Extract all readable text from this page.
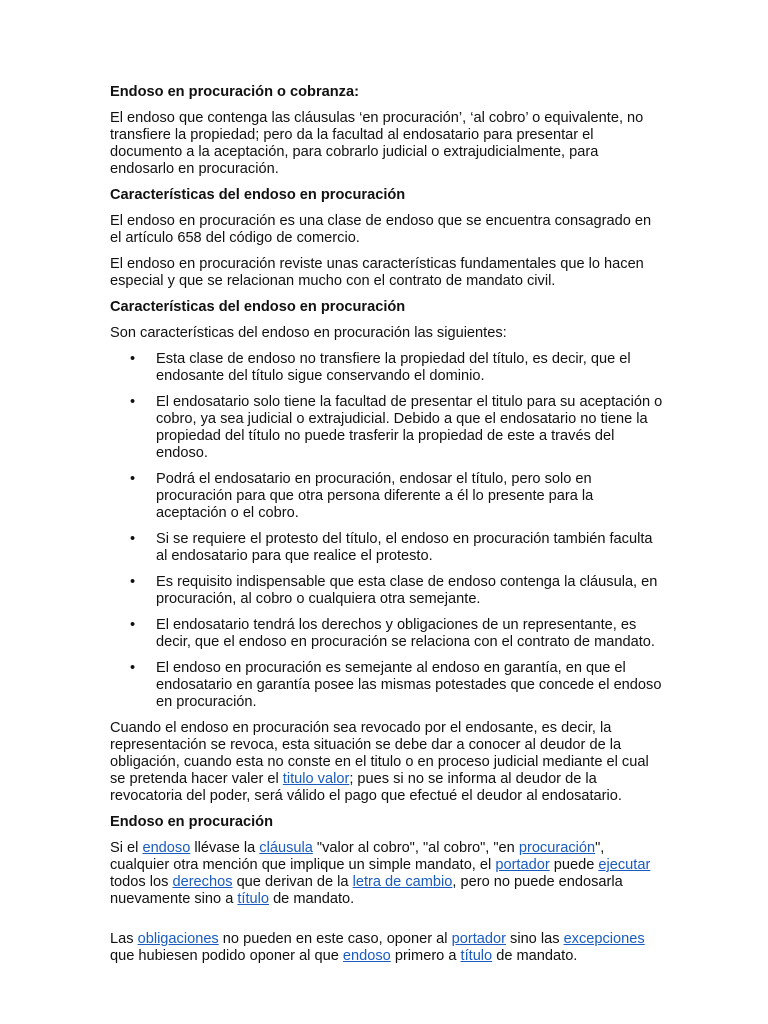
Endoso en procuración o cobranza:

El endoso que contenga las cláusulas ‘en procuración’, ‘al cobro’ o equivalente, no transfiere la propiedad; pero da la facultad al endosatario para presentar el documento a la aceptación, para cobrarlo judicial o extrajudicialmente, para endosarlo en procuración.

Características del endoso en procuración

El endoso en procuración es una clase de endoso que se encuentra consagrado en el artículo 658 del código de comercio.

El endoso en procuración reviste unas características fundamentales que lo hacen especial y que se relacionan mucho con el contrato de mandato civil.

Características del endoso en procuración

Son características del endoso en procuración las siguientes:

• Esta clase de endoso no transfiere la propiedad del título, es decir, que el endosante del título sigue conservando el dominio.
• El endosatario solo tiene la facultad de presentar el titulo para su aceptación o cobro, ya sea judicial o extrajudicial. Debido a que el endosatario no tiene la propiedad del título no puede trasferir la propiedad de este a través del endoso.
• Podrá el endosatario en procuración, endosar el título, pero solo en procuración para que otra persona diferente a él lo presente para la aceptación o el cobro.
• Si se requiere el protesto del título, el endoso en procuración también faculta al endosatario para que realice el protesto.
• Es requisito indispensable que esta clase de endoso contenga la cláusula, en procuración, al cobro o cualquiera otra semejante.
• El endosatario tendrá los derechos y obligaciones de un representante, es decir, que el endoso en procuración se relaciona con el contrato de mandato.
• El endoso en procuración es semejante al endoso en garantía, en que el endosatario en garantía posee las mismas potestades que concede el endoso en procuración.

Cuando el endoso en procuración sea revocado por el endosante, es decir, la representación se revoca, esta situación se debe dar a conocer al deudor de la obligación, cuando esta no conste en el titulo o en proceso judicial mediante el cual se pretenda hacer valer el titulo valor; pues si no se informa al deudor de la revocatoria del poder, será válido el pago que efectué el deudor al endosatario.

Endoso en procuración

Si el endoso llévase la cláusula "valor al cobro", "al cobro", "en procuración", cualquier otra mención que implique un simple mandato, el portador puede ejecutar todos los derechos que derivan de la letra de cambio, pero no puede endosarla nuevamente sino a título de mandato.

Las obligaciones no pueden en este caso, oponer al portador sino las excepciones que hubiesen podido oponer al que endoso primero a título de mandato.
